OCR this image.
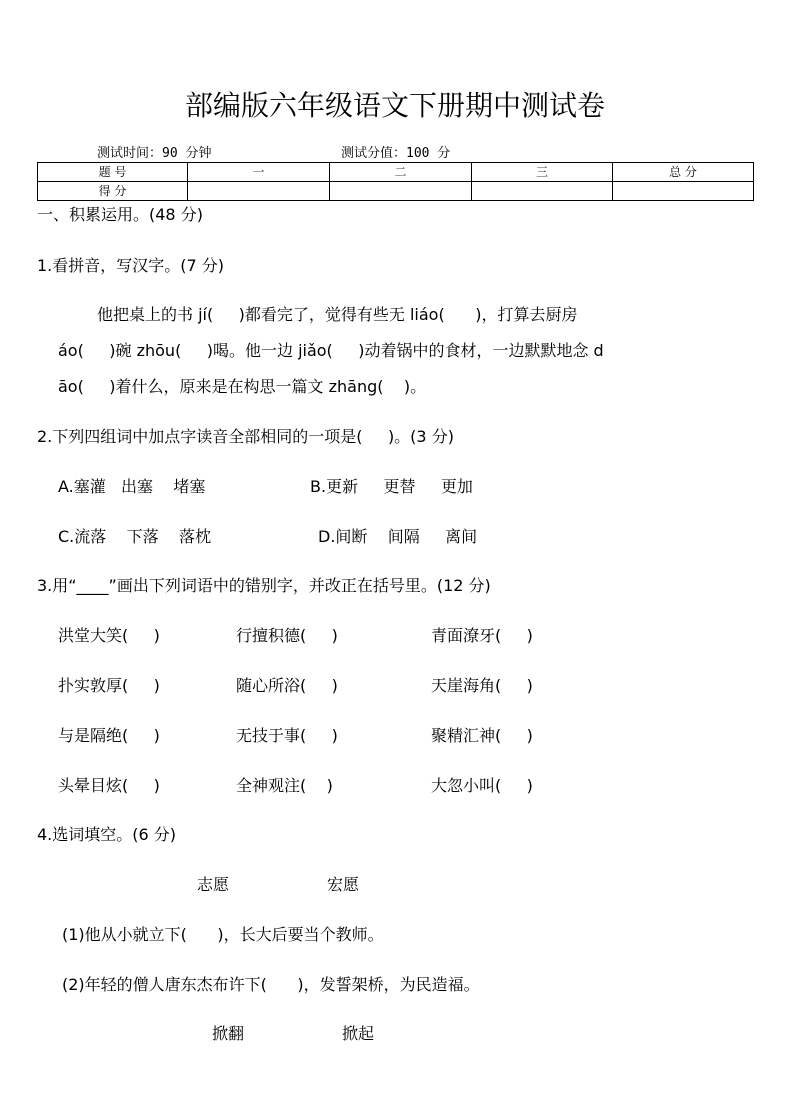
部编版六年级语文下册期中测试卷
测试时间：90 分钟	测试分值：100 分
题 号	一	二	三	总 分
得 分				
一、积累运用。(48 分)
1.看拼音，写汉字。(7 分)
他把桌上的书 jí(     )都看完了，觉得有些无 liáo(      )，打算去厨房
áo(     )碗 zhōu(     )喝。他一边 jiǎo(     )动着锅中的食材，一边默默地念 d
āo(     )着什么，原来是在构思一篇文 zhāng(    )。
2.下列四组词中加点字读音全部相同的一项是(     )。(3 分)
A.塞灌   出塞    堵塞	B.更新     更替     更加
C.流落    下落    落枕	D.间断    间隔     离间
3.用“____”画出下列词语中的错别字，并改正在括号里。(12 分)
洪堂大笑(     )	行擅积德(     )	青面潦牙(     )
扑实敦厚(     )	随心所浴(     )	天崖海角(     )
与是隔绝(     )	无技于事(     )	聚精汇神(     )
头晕目炫(     )	全神观注(    )	大忽小叫(     )
4.选词填空。(6 分)
志愿	宏愿
(1)他从小就立下(      )，长大后要当个教师。
(2)年轻的僧人唐东杰布许下(      )，发誓架桥，为民造福。
掀翻	掀起
